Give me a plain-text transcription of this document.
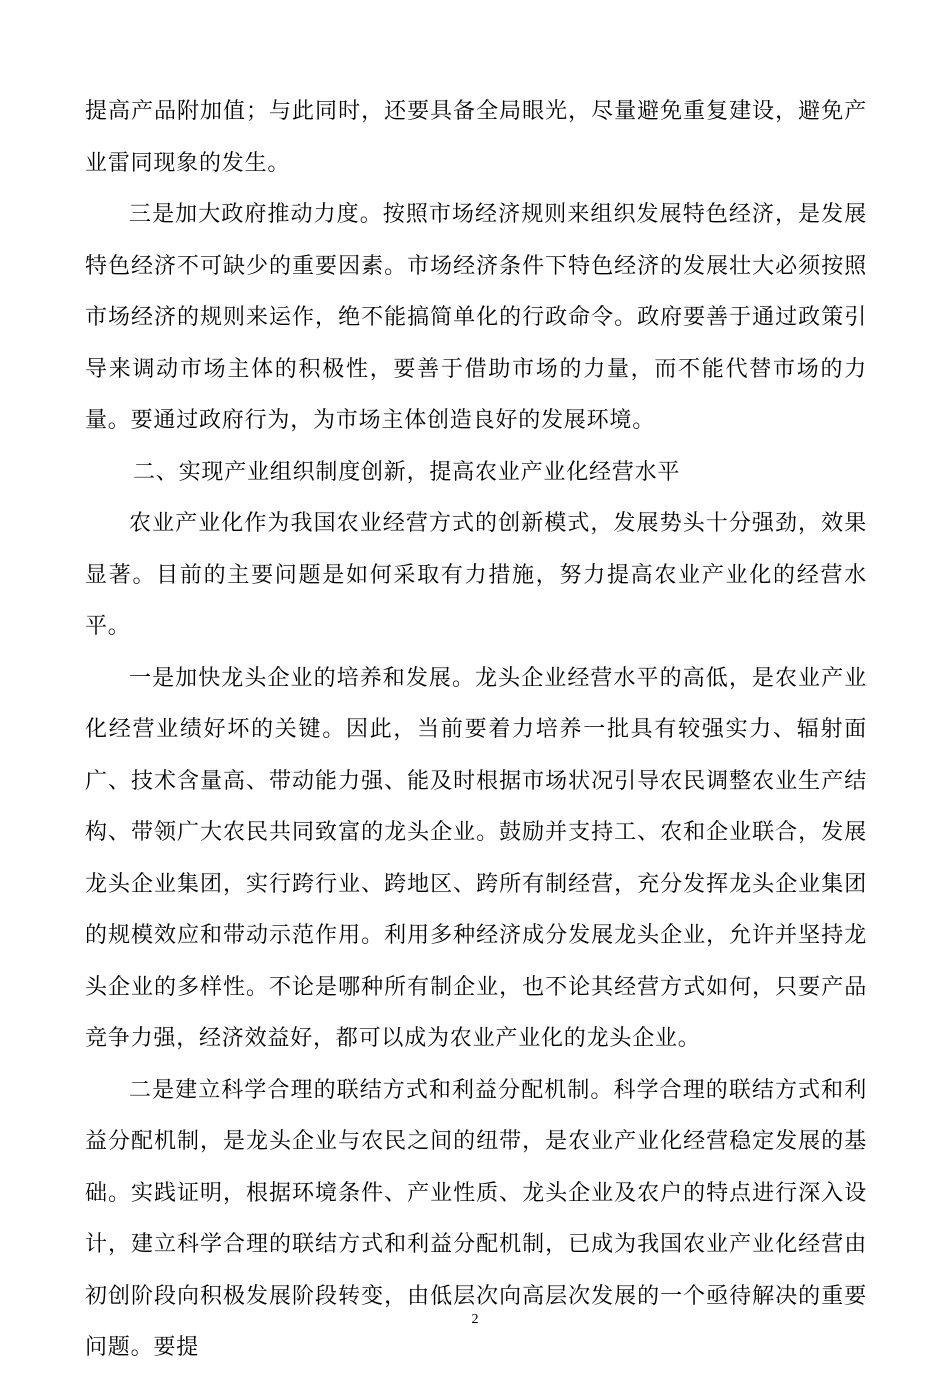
提高产品附加值；与此同时，还要具备全局眼光，尽量避免重复建设，避免产业雷同现象的发生。

三是加大政府推动力度。按照市场经济规则来组织发展特色经济，是发展特色经济不可缺少的重要因素。市场经济条件下特色经济的发展壮大必须按照市场经济的规则来运作，绝不能搞简单化的行政命令。政府要善于通过政策引导来调动市场主体的积极性，要善于借助市场的力量，而不能代替市场的力量。要通过政府行为，为市场主体创造良好的发展环境。

二、实现产业组织制度创新，提高农业产业化经营水平

农业产业化作为我国农业经营方式的创新模式，发展势头十分强劲，效果显著。目前的主要问题是如何采取有力措施，努力提高农业产业化的经营水平。

一是加快龙头企业的培养和发展。龙头企业经营水平的高低，是农业产业化经营业绩好坏的关键。因此，当前要着力培养一批具有较强实力、辐射面广、技术含量高、带动能力强、能及时根据市场状况引导农民调整农业生产结构、带领广大农民共同致富的龙头企业。鼓励并支持工、农和企业联合，发展龙头企业集团，实行跨行业、跨地区、跨所有制经营，充分发挥龙头企业集团的规模效应和带动示范作用。利用多种经济成分发展龙头企业，允许并坚持龙头企业的多样性。不论是哪种所有制企业，也不论其经营方式如何，只要产品竞争力强，经济效益好，都可以成为农业产业化的龙头企业。

二是建立科学合理的联结方式和利益分配机制。科学合理的联结方式和利益分配机制，是龙头企业与农民之间的纽带，是农业产业化经营稳定发展的基础。实践证明，根据环境条件、产业性质、龙头企业及农户的特点进行深入设计，建立科学合理的联结方式和利益分配机制，已成为我国农业产业化经营由初创阶段向积极发展阶段转变，由低层次向高层次发展的一个亟待解决的重要问题。要提

2
